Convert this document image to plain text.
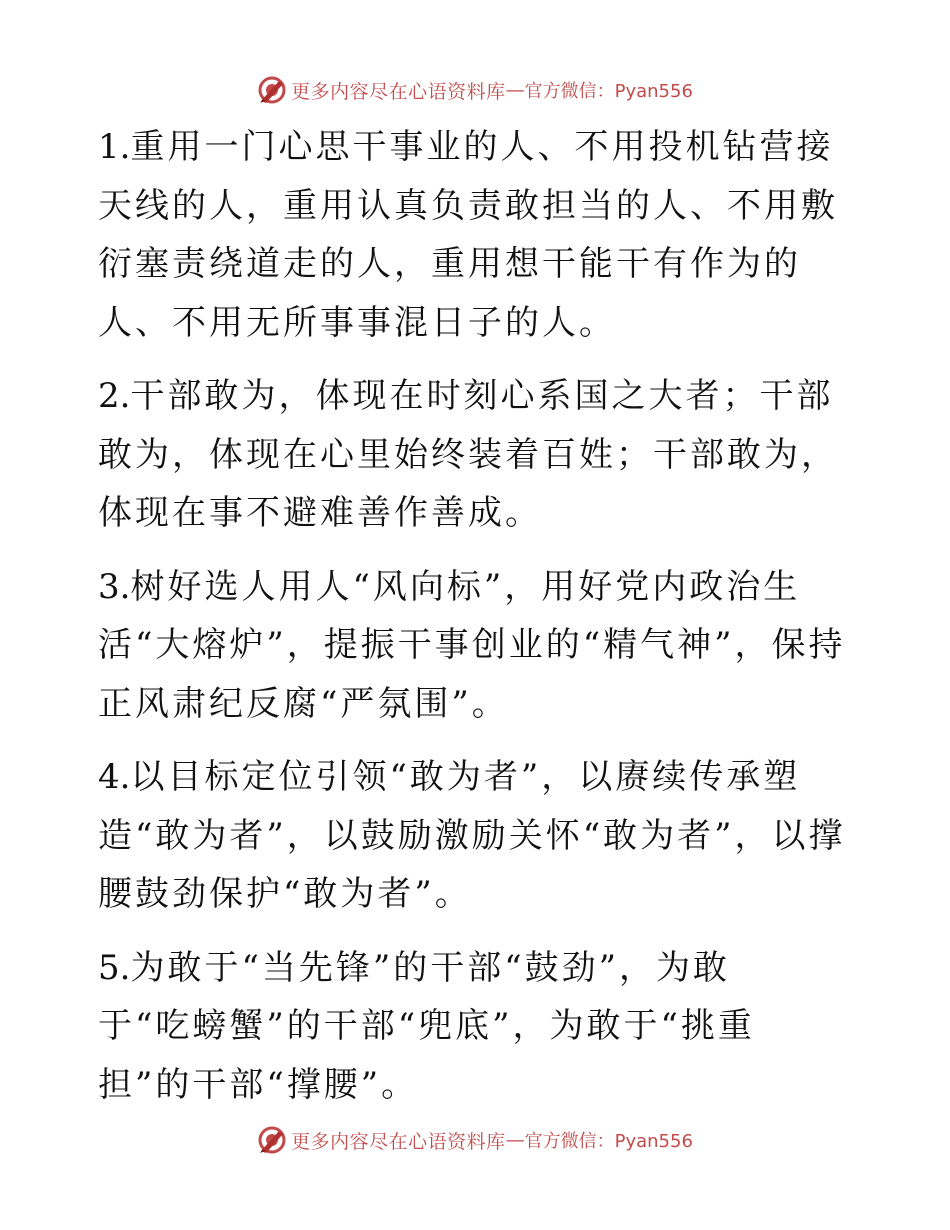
更多内容尽在心语资料库 — 官方微信：Pyan556

1.重用一门心思干事业的人、不用投机钻营接天线的人，重用认真负责敢担当的人、不用敷衍塞责绕道走的人，重用想干能干有作为的人、不用无所事事混日子的人。

2.干部敢为，体现在时刻心系国之大者；干部敢为，体现在心里始终装着百姓；干部敢为，体现在事不避难善作善成。

3.树好选人用人“风向标”，用好党内政治生活“大熔炉”，提振干事创业的“精气神”，保持正风肃纪反腐“严氛围”。

4.以目标定位引领“敢为者”，以赓续传承塑造“敢为者”，以鼓励激励关怀“敢为者”，以撑腰鼓劲保护“敢为者”。

5.为敢于“当先锋”的干部“鼓劲”，为敢于“吃螃蟹”的干部“兜底”，为敢于“挑重担”的干部“撑腰”。

更多内容尽在心语资料库 — 官方微信：Pyan556
